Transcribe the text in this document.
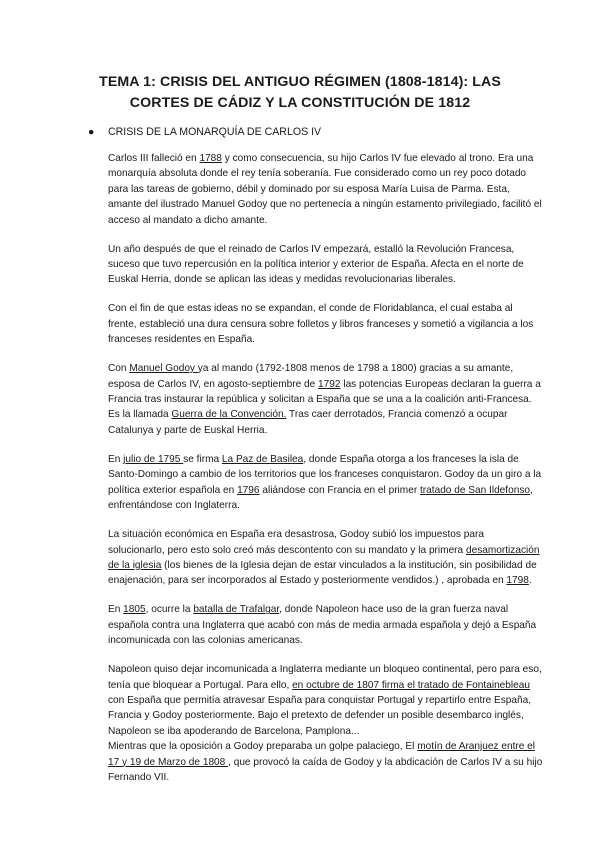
TEMA 1: CRISIS DEL ANTIGUO RÉGIMEN (1808-1814): LAS
CORTES DE CÁDIZ Y LA CONSTITUCIÓN DE 1812
● CRISIS DE LA MONARQUÍA DE CARLOS IV

Carlos III falleció en 1788 y como consecuencia, su hijo Carlos IV fue elevado al trono. Era una monarquía absoluta donde el rey tenía soberanía. Fue considerado como un rey poco dotado para las tareas de gobierno, débil y dominado por su esposa María Luisa de Parma. Esta, amante del ilustrado Manuel Godoy que no pertenecía a ningún estamento privilegiado, facilitó el acceso al mandato a dicho amante.

Un año después de que el reinado de Carlos IV empezará, estalló la Revolución Francesa, suceso que tuvo repercusión en la política interior y exterior de España. Afecta en el norte de Euskal Herria, donde se aplican las ideas y medidas revolucionarias liberales.

Con el fin de que estas ideas no se expandan, el conde de Floridablanca, el cual estaba al frente, estableció una dura censura sobre folletos y libros franceses y sometió a vigilancia a los franceses residentes en España.

Con Manuel Godoy ya al mando (1792-1808 menos de 1798 a 1800) gracias a su amante, esposa de Carlos IV, en agosto-septiembre de 1792 las potencias Europeas declaran la guerra a Francia tras instaurar la república y solicitan a España que se una a la coalición anti-Francesa. Es la llamada Guerra de la Convención. Tras caer derrotados, Francia comenzó a ocupar Catalunya y parte de Euskal Herria.

En julio de 1795 se firma La Paz de Basilea, donde España otorga a los franceses la isla de Santo-Domingo a cambio de los territorios que los franceses conquistaron. Godoy da un giro a la política exterior española en 1796 aliándose con Francia en el primer tratado de San Ildefonso, enfrentándose con Inglaterra.

La situación económica en España era desastrosa, Godoy subió los impuestos para solucionarlo, pero esto solo creó más descontento con su mandato y la primera desamortización de la iglesia (los bienes de la Iglesia dejan de estar vinculados a la institución, sin posibilidad de enajenación, para ser incorporados al Estado y posteriormente vendidos.) , aprobada en 1798.

En 1805, ocurre la batalla de Trafalgar, donde Napoleon hace uso de la gran fuerza naval española contra una Inglaterra que acabó con más de media armada española y dejó a España incomunicada con las colonias americanas.

Napoleon quiso dejar incomunicada a Inglaterra mediante un bloqueo continental, pero para eso, tenía que bloquear a Portugal. Para ello, en octubre de 1807 firma el tratado de Fontainebleau con España que permitía atravesar España para conquistar Portugal y repartirlo entre España, Francia y Godoy posteriormente. Bajo el pretexto de defender un posible desembarco inglés, Napoleon se iba apoderando de Barcelona, Pamplona...

Mientras que la oposición a Godoy preparaba un golpe palaciego, El motín de Aranjuez entre el 17 y 19 de Marzo de 1808 , que provocó la caída de Godoy y la abdicación de Carlos IV a su hijo Fernando VII.
